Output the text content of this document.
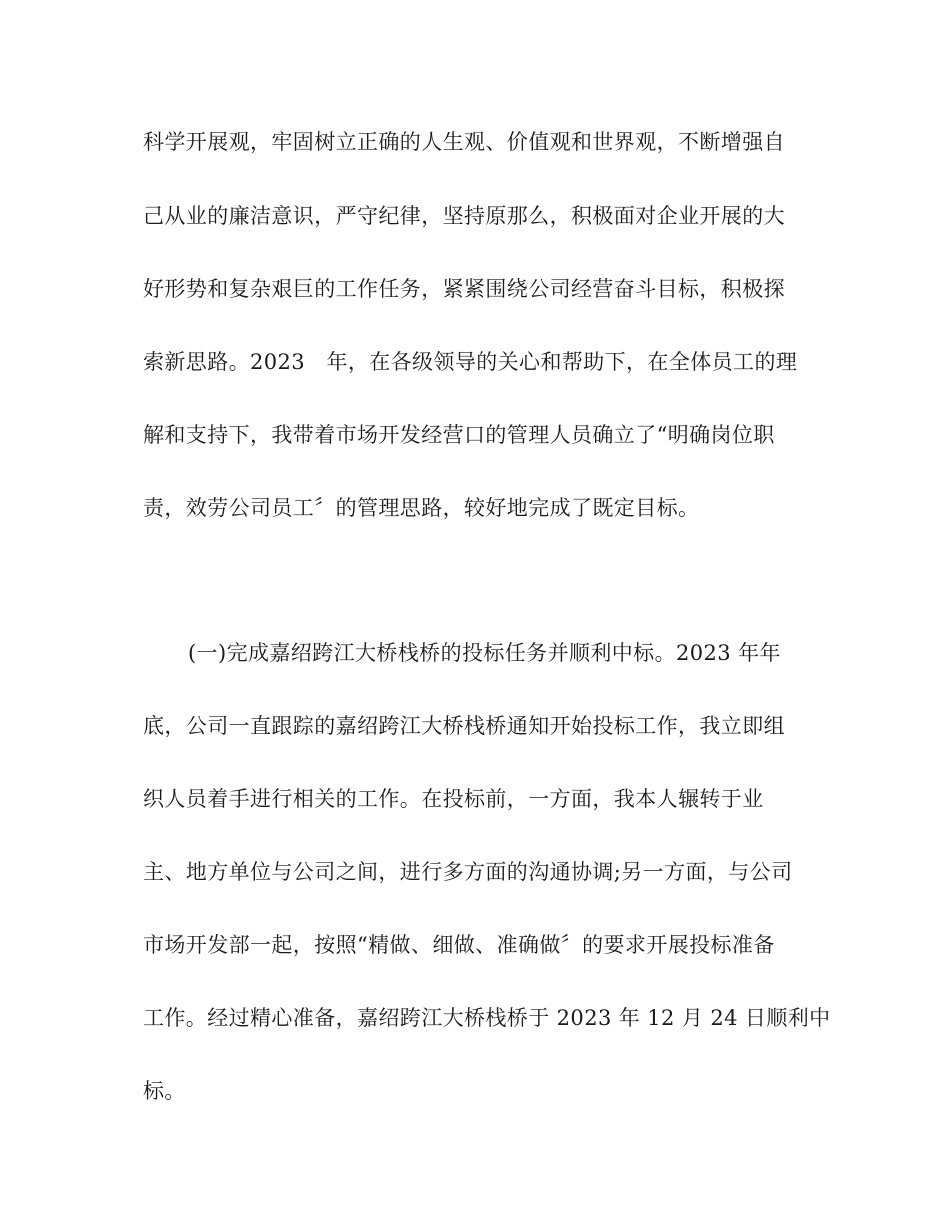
科学开展观，牢固树立正确的人生观、价值观和世界观，不断增强自
己从业的廉洁意识，严守纪律，坚持原那么，积极面对企业开展的大
好形势和复杂艰巨的工作任务，紧紧围绕公司经营奋斗目标，积极探
索新思路。2023　年，在各级领导的关心和帮助下，在全体员工的理
解和支持下，我带着市场开发经营口的管理人员确立了“明确岗位职
责，效劳公司员工〞的管理思路，较好地完成了既定目标。
(一)完成嘉绍跨江大桥栈桥的投标任务并顺利中标。2023 年年
底，公司一直跟踪的嘉绍跨江大桥栈桥通知开始投标工作，我立即组
织人员着手进行相关的工作。在投标前，一方面，我本人辗转于业
主、地方单位与公司之间，进行多方面的沟通协调;另一方面，与公司
市场开发部一起，按照“精做、细做、准确做〞的要求开展投标准备
工作。经过精心准备，嘉绍跨江大桥栈桥于 2023 年 12 月 24 日顺利中
标。
